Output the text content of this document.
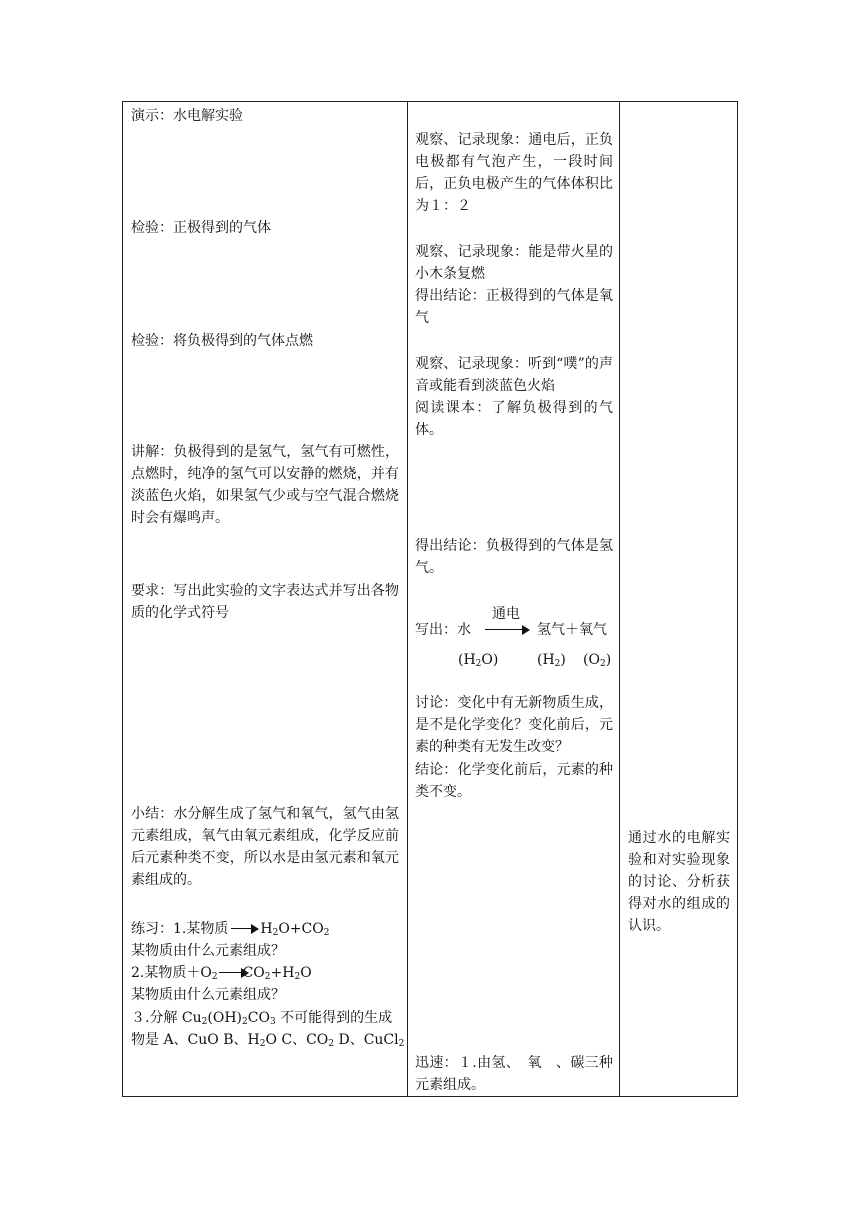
演示：水电解实验
检验：正极得到的气体
检验：将负极得到的气体点燃
讲解：负极得到的是氢气，氢气有可燃性，点燃时，纯净的氢气可以安静的燃烧，并有淡蓝色火焰，如果氢气少或与空气混合燃烧时会有爆鸣声。
要求：写出此实验的文字表达式并写出各物质的化学式符号
小结：水分解生成了氢气和氧气，氢气由氢元素组成，氧气由氧元素组成，化学反应前后元素种类不变，所以水是由氢元素和氧元素组成的。
练习：1.某物质 $H_2O+CO_2$
某物质由什么元素组成？
2.某物质$+O_2$ $CO_2+H_2O$
某物质由什么元素组成？
３.分解 $Cu_2(OH)_2CO_3$ 不可能得到的生成
物是 A、CuO B、$H_2O$ C、$CO_2$ D、CuCl$_2$
观察、记录现象：通电后，正负电极都有气泡产生，一段时间后，正负电极产生的气体体积比为１：２
观察、记录现象：能是带火星的小木条复燃
得出结论：正极得到的气体是氧气
观察、记录现象：听到“噗”的声音或能看到淡蓝色火焰
阅读课本：了解负极得到的气体。
得出结论：负极得到的气体是氢气。
通电
写出：水	氢气＋氧气
$(H_2O)$	$(H_2)$ $(O_2)$
讨论：变化中有无新物质生成，是不是化学变化？变化前后，元素的种类有无发生改变？
结论：化学变化前后，元素的种类不变。
迅速：１.由氢、　氧　、碳三种元素组成。
通过水的电解实验和对实验现象的讨论、分析获得对水的组成的认识。
